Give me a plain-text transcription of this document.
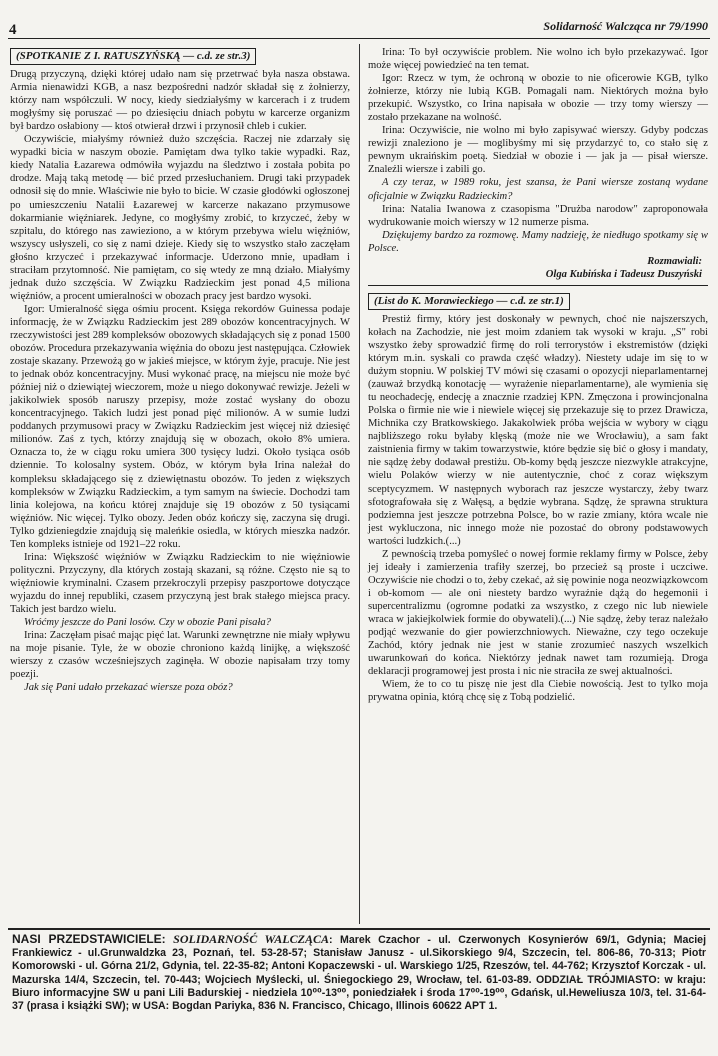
4	Solidarność Walcząca nr 79/1990
(SPOTKANIE Z I. RATUSZYŃSKĄ — c.d. ze str.3)

Drugą przyczyną, dzięki której udało nam się przetrwać była nasza obstawa. Armia nienawidzi KGB, a nasz bezpośredni nadzór składał się z żołnierzy, którzy nam współczuli. W nocy, kiedy siedziałyśmy w karcerach i z trudem mogłyśmy się poruszać — po dziesięciu dniach pobytu w karcerze organizm był bardzo osłabiony — ktoś otwierał drzwi i przynosił chleb i cukier.

Oczywiście, miałyśmy również dużo szczęścia. Raczej nie zdarzały się wypadki bicia w naszym obozie. Pamiętam dwa tylko takie wypadki. Raz, kiedy Natalia Łazarewa odmówiła wyjazdu na śledztwo i została pobita po drodze. Mają taką metodę — bić przed przesłuchaniem. Drugi taki przypadek odnosił się do mnie. Właściwie nie było to bicie. W czasie głodówki ogłoszonej po umieszczeniu Natalii Łazarewej w karcerze nakazano przymusowe dokarmianie więźniarek. Jedyne, co mogłyśmy zrobić, to krzyczeć, żeby w szpitalu, do którego nas zawieziono, a w którym przebywa wielu więźniów, wszyscy usłyszeli, co się z nami dzieje. Kiedy się to wszystko stało zaczęłam głośno krzyczeć i przekazywać informacje. Uderzono mnie, upadłam i straciłam przytomność. Nie pamiętam, co się wtedy ze mną działo. Miałyśmy jednak dużo szczęścia. W Związku Radzieckim jest ponad 4,5 miliona więźniów, a procent umieralności w obozach pracy jest bardzo wysoki.

Igor: Umieralność sięga ośmiu procent. Księga rekordów Guinessa podaje informację, że w Związku Radzieckim jest 289 obozów koncentracyjnych. W rzeczywistości jest 289 kompleksów obozowych składających się z ponad 1500 obozów. Procedura przekazywania więźnia do obozu jest następująca. Człowiek zostaje skazany. Przewożą go w jakieś miejsce, w którym żyje, pracuje. Nie jest to jednak obóz koncentracyjny. Musi wykonać pracę, na miejscu nie może być później niż o dziewiątej wieczorem, może u niego dokonywać rewizje. Jeżeli w jakikolwiek sposób naruszy przepisy, może zostać wysłany do obozu koncentracyjnego. Takich ludzi jest ponad pięć milionów. A w sumie ludzi poddanych przymusowi pracy w Związku Radzieckim jest więcej niż dziesięć milionów. Zaś z tych, którzy znajdują się w obozach, około 8% umiera. Oznacza to, że w ciągu roku umiera 300 tysięcy ludzi. Około tysiąca osób dziennie. To kolosalny system. Obóz, w którym była Irina należał do kompleksu składającego się z dziewiętnastu obozów. To jeden z większych kompleksów w Związku Radzieckim, a tym samym na świecie. Dochodzi tam linia kolejowa, na końcu której znajduje się 19 obozów z 50 tysiącami więźniów. Nic więcej. Tylko obozy. Jeden obóz kończy się, zaczyna się drugi. Tylko gdzieniegdzie znajdują się maleńkie osiedla, w których mieszka nadzór. Ten kompleks istnieje od 1921–22 roku.

Irina: Większość więźniów w Związku Radzieckim to nie więźniowie polityczni. Przyczyny, dla których zostają skazani, są różne. Często nie są to więźniowie kryminalni. Czasem przekroczyli przepisy paszportowe dotyczące wyjazdu do innej republiki, czasem przyczyną jest brak stałego miejsca pracy. Takich jest bardzo wielu.

Wróćmy jeszcze do Pani losów. Czy w obozie Pani pisała?

Irina: Zaczęłam pisać mając pięć lat. Warunki zewnętrzne nie miały wpływu na moje pisanie. Tyle, że w obozie chroniono każdą linijkę, a większość wierszy z czasów wcześniejszych zaginęła. W obozie napisałam trzy tomy poezji.

Jak się Pani udało przekazać wiersze poza obóz?

Irina: To był oczywiście problem. Nie wolno ich było przekazywać. Igor może więcej powiedzieć na ten temat.

Igor: Rzecz w tym, że ochroną w obozie to nie oficerowie KGB, tylko żołnierze, którzy nie lubią KGB. Pomagali nam. Niektórych można było przekupić. Wszystko, co Irina napisała w obozie — trzy tomy wierszy — zostało przekazane na wolność.

Irina: Oczywiście, nie wolno mi było zapisywać wierszy. Gdyby podczas rewizji znaleziono je — moglibyśmy mi się przydarzyć to, co stało się z pewnym ukraińskim poetą. Siedział w obozie i — jak ja — pisał wiersze. Znaleźli wiersze i zabili go.

A czy teraz, w 1989 roku, jest szansa, że Pani wiersze zostaną wydane oficjalnie w Związku Radzieckim?

Irina: Natalia Iwanowa z czasopisma "Drużba narodow" zaproponowała wydrukowanie moich wierszy w 12 numerze pisma.

Dziękujemy bardzo za rozmowę. Mamy nadzieję, że niedługo spotkamy się w Polsce.

Rozmawiali:
Olga Kubińska i Tadeusz Duszyński
(List do K. Morawieckiego — c.d. ze str.1)

Prestiż firmy, który jest doskonały w pewnych, choć nie najszerszych, kołach na Zachodzie, nie jest moim zdaniem tak wysoki w kraju. „S" robi wszystko żeby sprowadzić firmę do roli terrorystów i ekstremistów (dzięki którym m.in. syskali co prawda część władzy). Niestety udaje im się to w dużym stopniu. W polskiej TV mówi się czasami o opozycji nieparlamentarnej (zauważ brzydką konotację — wyrażenie nieparlamentarne), ale wymienia się tu neochadecję, endecję a znacznie rzadziej KPN. Zmęczona i prowincjonalna Polska o firmie nie wie i niewiele więcej się przekazuje się to przez Drawicza, Michnika czy Bratkowskiego. Jakakolwiek próba wejścia w wybory w ciągu najbliższego roku byłaby klęską (może nie we Wrocławiu), a sam fakt zaistnienia firmy w takim towarzystwie, które będzie się bić o głosy i mandaty, nie sądzę żeby dodawał prestiżu. Ob-komy będą jeszcze niezwykle atrakcyjne, wielu Polaków wierzy w nie autentycznie, choć z coraz większym sceptycyzmem. W następnych wyborach raz jeszcze wystarczy, żeby twarz sfotografowała się z Wałęsą, a będzie wybrana. Sądzę, że sprawna struktura podziemna jest jeszcze potrzebna Polsce, bo w razie zmiany, która wcale nie jest wykluczona, nic innego może nie pozostać do obrony podstawowych wartości ludzkich.(...)

Z pewnością trzeba pomyśleć o nowej formie reklamy firmy w Polsce, żeby jej ideały i zamierzenia trafiły szerzej, bo przecież są proste i uczciwe. Oczywiście nie chodzi o to, żeby czekać, aż się powinie noga neozwiązkowcom i ob-komom — ale oni niestety bardzo wyraźnie dążą do hegemonii i supercentralizmu (ogromne podatki za wszystko, z czego nic lub niewiele wraca w jakiejkolwiek formie do obywateli).(...) Nie sądzę, żeby teraz należało podjąć wezwanie do gier powierzchniowych. Nieważne, czy tego oczekuje Zachód, który jednak nie jest w stanie zrozumieć naszych wszelkich uwarunkowań do końca. Niektórzy jednak nawet tam rozumieją. Droga deklaracji programowej jest prosta i nic nie straciła ze swej aktualności.

Wiem, że to co tu piszę nie jest dla Ciebie nowością. Jest to tylko moja prywatna opinia, którą chcę się z Tobą podzielić.

NASI PRZEDSTAWICIELE: SOLIDARNOŚĆ WALCZĄCA: Marek Czachor - ul. Czerwonych Kosynierów 69/1, Gdynia; Maciej Frankiewicz - ul.Grunwaldzka 23, Poznań, tel. 53-28-57; Stanisław Janusz - ul.Sikorskiego 9/4, Szczecin, tel. 806-86, 70-313; Piotr Komorowski - ul. Górna 21/2, Gdynia, tel. 22-35-82; Antoni Kopaczewski - ul. Warskiego 1/25, Rzeszów, tel. 44-762; Krzysztof Korczak - ul. Mazurska 14/4, Szczecin, tel. 70-443; Wojciech Myślecki, ul. Śniegockiego 29, Wrocław, tel. 61-03-89. ODDZIAŁ TRÓJMIASTO: w kraju: Biuro informacyjne SW u pani Lili Badurskiej - niedziela 10⁰⁰-13⁰⁰, poniedziałek i środa 17⁰⁰-19⁰⁰, Gdańsk, ul.Heweliusza 10/3, tel. 31-64-37 (prasa i książki SW); w USA: Bogdan Pariyka, 836 N. Francisco, Chicago, Illinois 60622 APT 1.
